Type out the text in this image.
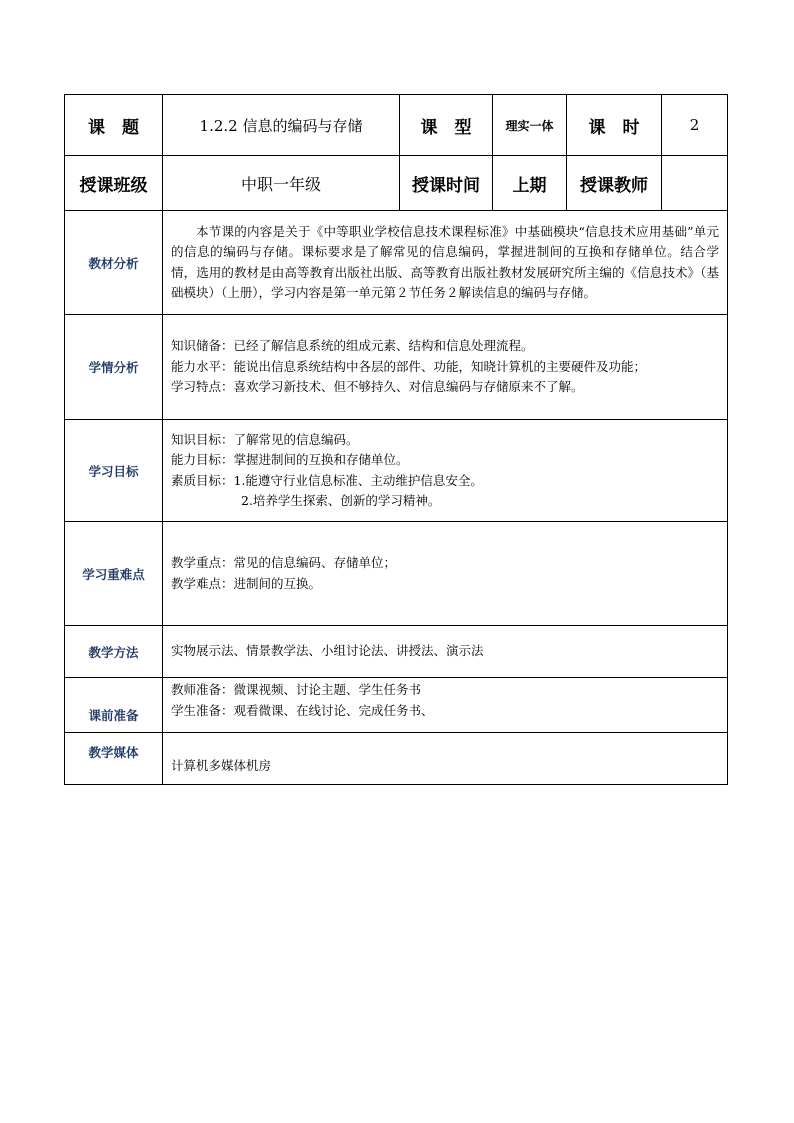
课　题	1.2.2 信息的编码与存储	课　型	理实一体	课　时	2
授课班级	中职一年级	授课时间	上期	授课教师	
教材分析	本节课的内容是关于《中等职业学校信息技术课程标准》中基础模块“信息技术应用基础”单元的信息的编码与存储。课标要求是了解常见的信息编码，掌握进制间的互换和存储单位。结合学情，选用的教材是由高等教育出版社出版、高等教育出版社教材发展研究所主编的《信息技术》（基础模块）（上册），学习内容是第一单元第２节任务２解读信息的编码与存储。				

学情分析	知识储备：已经了解信息系统的组成元素、结构和信息处理流程。
能力水平：能说出信息系统结构中各层的部件、功能，知晓计算机的主要硬件及功能；
学习特点：喜欢学习新技术、但不够持久、对信息编码与存储原来不了解。				

学习目标	知识目标：了解常见的信息编码。
能力目标：掌握进制间的互换和存储单位。
素质目标：1.能遵守行业信息标准、主动维护信息安全。
2.培养学生探索、创新的学习精神。				

学习重难点	教学重点：常见的信息编码、存储单位；
教学难点：进制间的互换。				

教学方法	实物展示法、情景教学法、小组讨论法、讲授法、演示法				

课前准备	教师准备：微课视频、讨论主题、学生任务书
学生准备：观看微课、在线讨论、完成任务书、				

教学媒体	计算机多媒体机房				
